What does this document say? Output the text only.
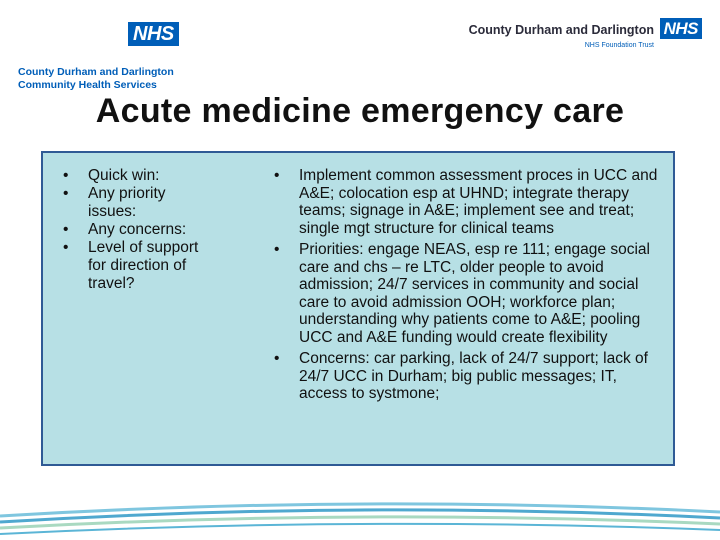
NHS
County Durham and Darlington
Community Health Services
County Durham and Darlington NHS
NHS Foundation Trust
Acute medicine emergency care
• Quick win:
• Any priority issues:
• Any concerns:
• Level of support for direction of travel?
• Implement common assessment proces in UCC and A&E; colocation esp at UHND; integrate therapy teams; signage in A&E; implement see and treat; single mgt structure for clinical teams
• Priorities: engage NEAS, esp re 111; engage social care and chs – re LTC, older people to avoid admission; 24/7 services in community and social care to avoid admission OOH; workforce plan; understanding why patients come to A&E; pooling UCC and A&E funding would create flexibility
• Concerns: car parking, lack of 24/7 support; lack of 24/7 UCC in Durham; big public messages; IT, access to systmone;
